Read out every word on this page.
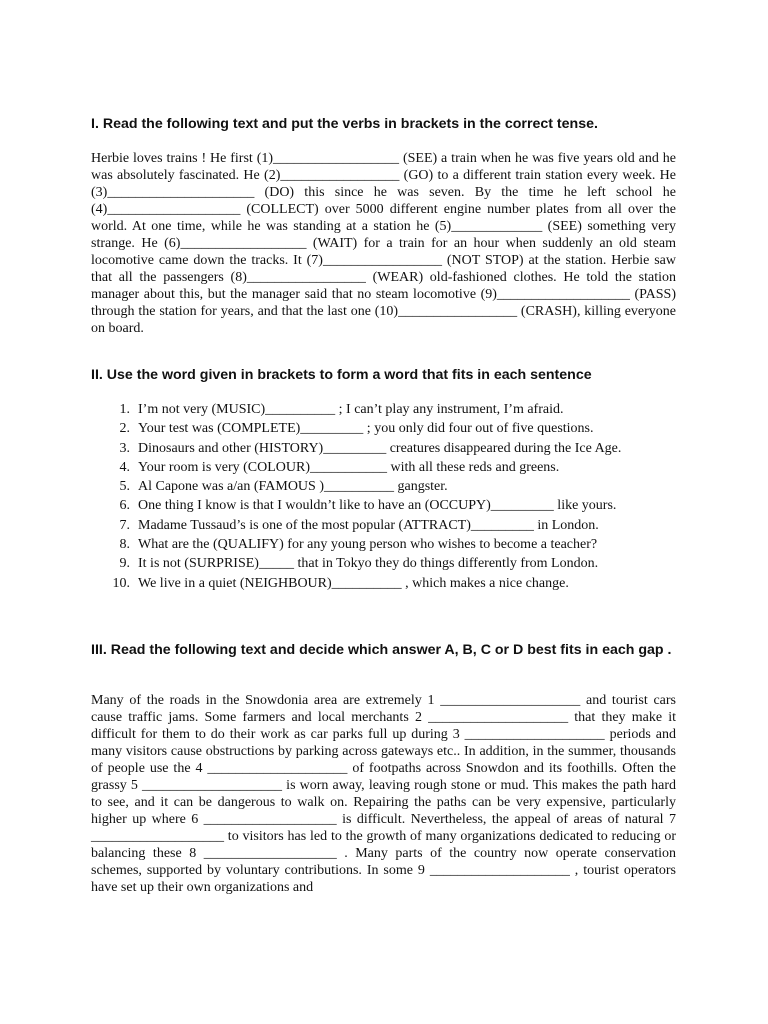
I. Read the following text and put the verbs in brackets in the correct tense.

Herbie loves trains ! He first (1)__________________ (SEE) a train when he was five years old and he was absolutely fascinated. He (2)_________________ (GO) to a different train station every week. He (3)_____________________ (DO) this since he was seven. By the time he left school he (4)___________________ (COLLECT) over 5000 different engine number plates from all over the world. At one time, while he was standing at a station he (5)_____________ (SEE) something very strange. He (6)__________________ (WAIT) for a train for an hour when suddenly an old steam locomotive came down the tracks. It (7)_________________ (NOT STOP) at the station. Herbie saw that all the passengers (8)_________________ (WEAR) old-fashioned clothes. He told the station manager about this, but the manager said that no steam locomotive (9)___________________ (PASS) through the station for years, and that the last one (10)_________________ (CRASH), killing everyone on board.

II. Use the word given in brackets to form a word that fits in each sentence
1. I’m not very (MUSIC)__________ ; I can’t play any instrument, I’m afraid.
2. Your test was (COMPLETE)_________ ; you only did four out of five questions.
3. Dinosaurs and other (HISTORY)_________ creatures disappeared during the Ice Age.
4. Your room is very (COLOUR)___________ with all these reds and greens.
5. Al Capone was a/an (FAMOUS )__________ gangster.
6. One thing I know is that I wouldn’t like to have an (OCCUPY)_________ like yours.
7. Madame Tussaud’s is one of the most popular (ATTRACT)_________ in London.
8. What are the (QUALIFY) for any young person who wishes to become a teacher?
9. It is not (SURPRISE)_____ that in Tokyo they do things differently from London.
10. We live in a quiet (NEIGHBOUR)__________ , which makes a nice change.
III. Read the following text and decide which answer A, B, C or D best fits in each gap .

Many of the roads in the Snowdonia area are extremely 1 ____________________ and tourist cars cause traffic jams. Some farmers and local merchants 2 ____________________ that they make it difficult for them to do their work as car parks full up during 3 ____________________ periods and many visitors cause obstructions by parking across gateways etc.. In addition, in the summer, thousands of people use the 4 ____________________ of footpaths across Snowdon and its foothills. Often the grassy 5 ____________________ is worn away, leaving rough stone or mud. This makes the path hard to see, and it can be dangerous to walk on. Repairing the paths can be very expensive, particularly higher up where 6 ___________________ is difficult. Nevertheless, the appeal of areas of natural 7 ___________________ to visitors has led to the growth of many organizations dedicated to reducing or balancing these 8 ___________________ . Many parts of the country now operate conservation schemes, supported by voluntary contributions. In some 9 ____________________ , tourist operators have set up their own organizations and
